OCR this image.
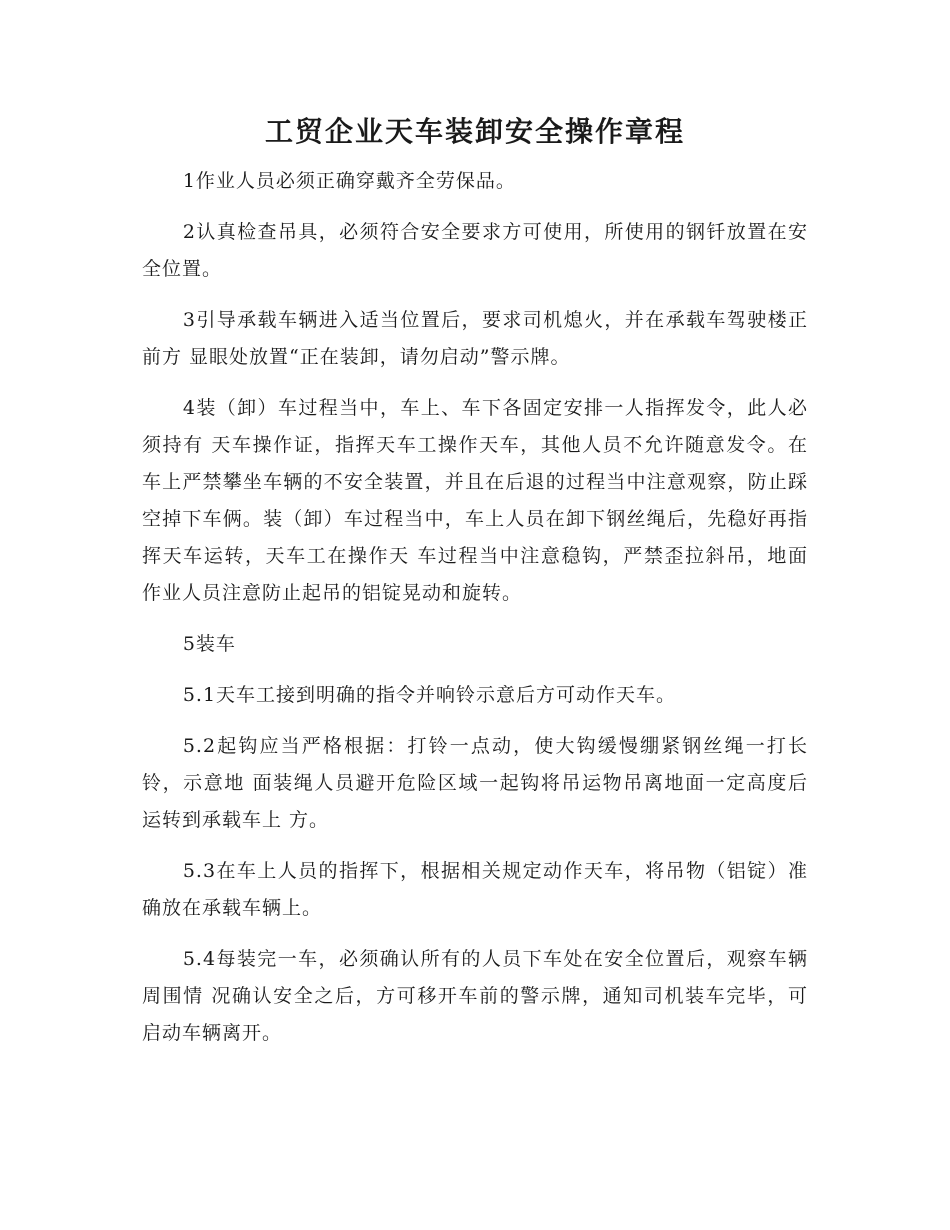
工贸企业天车装卸安全操作章程

1作业人员必须正确穿戴齐全劳保品。

2认真检查吊具，必须符合安全要求方可使用，所使用的钢钎放置在安全位置。

3引导承载车辆进入适当位置后，要求司机熄火，并在承载车驾驶楼正前方 显眼处放置“正在装卸，请勿启动”警示牌。

4装（卸）车过程当中，车上、车下各固定安排一人指挥发令，此人必须持有 天车操作证，指挥天车工操作天车，其他人员不允许随意发令。在车上严禁攀坐车辆的不安全装置，并且在后退的过程当中注意观察，防止踩空掉下车俩。装（卸）车过程当中，车上人员在卸下钢丝绳后，先稳好再指挥天车运转，天车工在操作天 车过程当中注意稳钩，严禁歪拉斜吊，地面作业人员注意防止起吊的铝锭晃动和旋转。

5装车

5.1天车工接到明确的指令并响铃示意后方可动作天车。

5.2起钩应当严格根据：打铃一点动，使大钩缓慢绷紧钢丝绳一打长铃，示意地 面装绳人员避开危险区域一起钩将吊运物吊离地面一定高度后运转到承载车上 方。

5.3在车上人员的指挥下，根据相关规定动作天车，将吊物（铝锭）准确放在承载车辆上。

5.4每装完一车，必须确认所有的人员下车处在安全位置后，观察车辆周围情 况确认安全之后，方可移开车前的警示牌，通知司机装车完毕，可启动车辆离开。
